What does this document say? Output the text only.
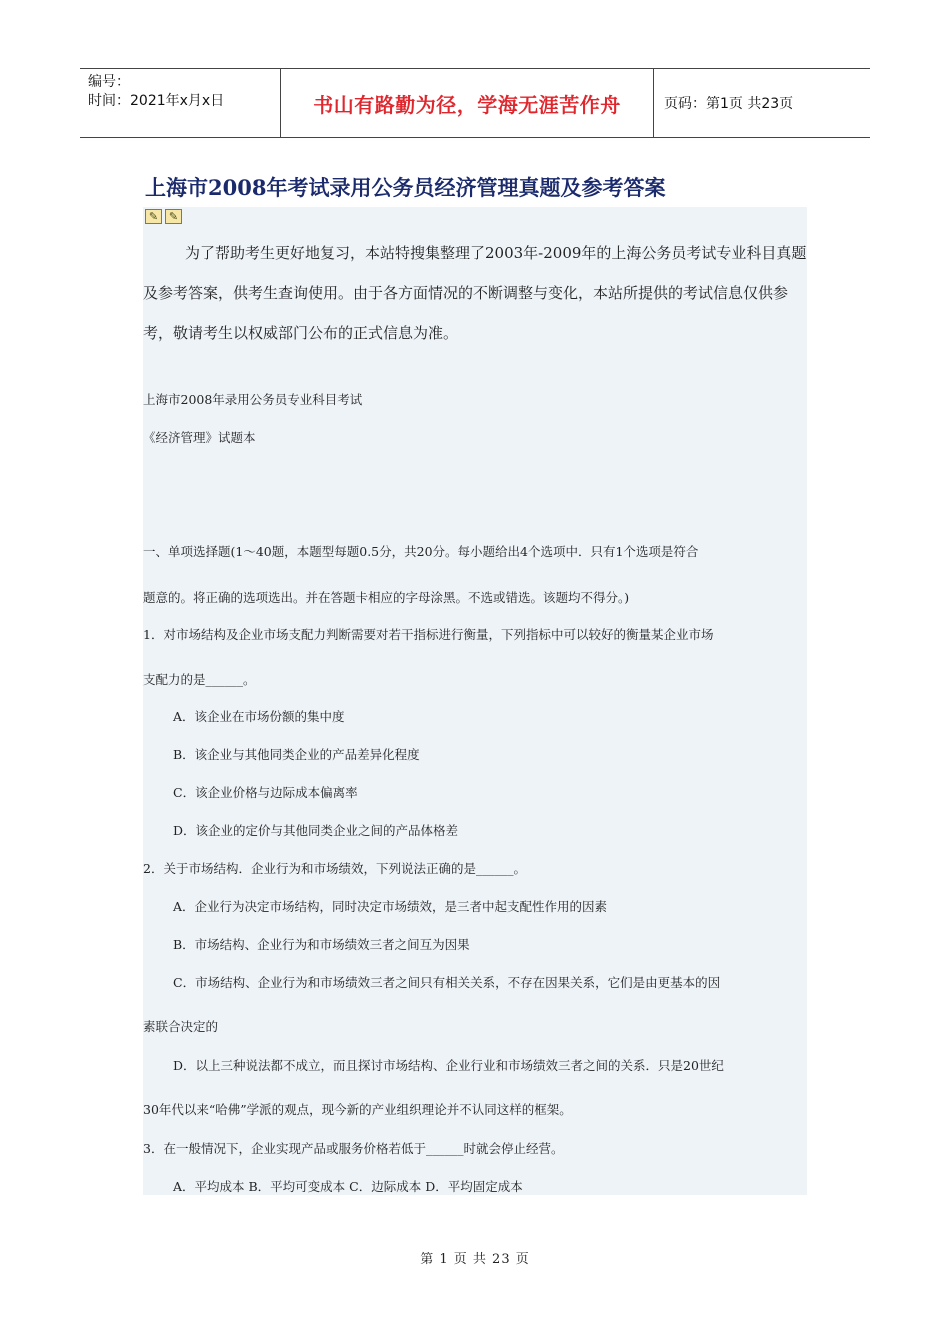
编号：
时间：2021年x月x日	书山有路勤为径，学海无涯苦作舟	页码：第1页 共23页
上海市2008年考试录用公务员经济管理真题及参考答案
✎ ✎
为了帮助考生更好地复习，本站特搜集整理了2003年-2009年的上海公务员考试专业科目真题及参考答案，供考生查询使用。由于各方面情况的不断调整与变化，本站所提供的考试信息仅供参考，敬请考生以权威部门公布的正式信息为准。
上海市2008年录用公务员专业科目考试
《经济管理》试题本
一、单项选择题(1～40题，本题型每题0.5分，共20分。每小题给出4个选项中．只有1个选项是符合
题意的。将正确的选项选出。并在答题卡相应的字母涂黑。不选或错选。该题均不得分。)
1．对市场结构及企业市场支配力判断需要对若干指标进行衡量，下列指标中可以较好的衡量某企业市场
支配力的是______。
A．该企业在市场份额的集中度
B．该企业与其他同类企业的产品差异化程度
C．该企业价格与边际成本偏离率
D．该企业的定价与其他同类企业之间的产品体格差
2．关于市场结构．企业行为和市场绩效，下列说法正确的是______。
A．企业行为决定市场结构，同时决定市场绩效，是三者中起支配性作用的因素
B．市场结构、企业行为和市场绩效三者之间互为因果
C．市场结构、企业行为和市场绩效三者之间只有相关关系，不存在因果关系，它们是由更基本的因
素联合决定的
D．以上三种说法都不成立，而且探讨市场结构、企业行业和市场绩效三者之间的关系．只是20世纪
30年代以来“哈佛”学派的观点，现今新的产业组织理论并不认同这样的框架。
3．在一般情况下，企业实现产品或服务价格若低于______时就会停止经营。
A．平均成本 B．平均可变成本 C．边际成本 D．平均固定成本
第 1 页 共 23 页
